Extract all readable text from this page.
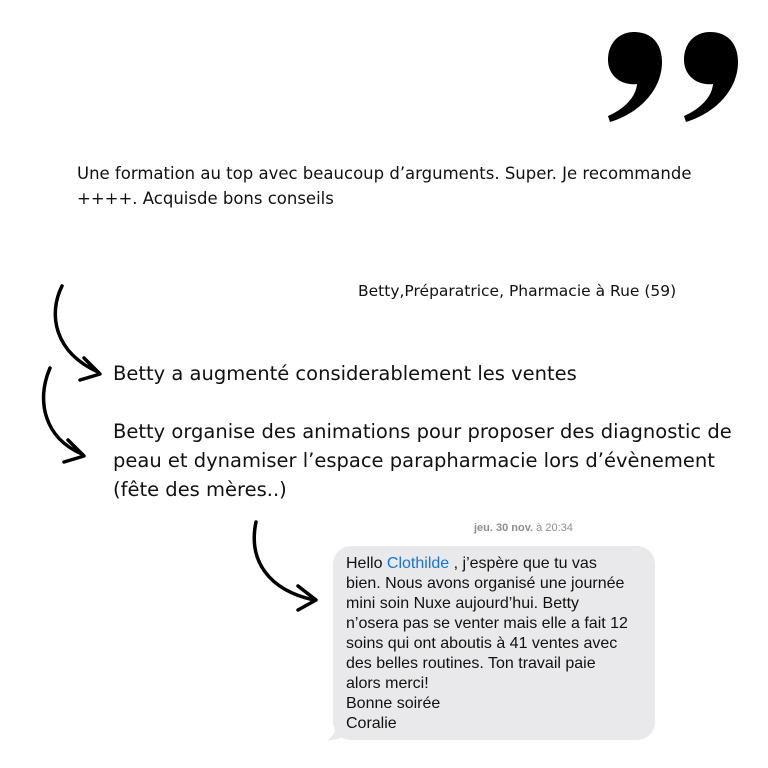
Une formation au top avec beaucoup d’arguments. Super. Je recommande ++++. Acquisde bons conseils
Betty,Préparatrice, Pharmacie à Rue (59)
Betty a augmenté considerablement les ventes
Betty organise des animations pour proposer des diagnostic de peau et dynamiser l’espace parapharmacie lors d’évènement (fête des mères..)
jeu. 30 nov. à 20:34
Hello Clothilde , j’espère que tu vas
bien. Nous avons organisé une journée
mini soin Nuxe aujourd’hui. Betty
n’osera pas se venter mais elle a fait 12
soins qui ont aboutis à 41 ventes avec
des belles routines. Ton travail paie
alors merci!
Bonne soirée
Coralie
